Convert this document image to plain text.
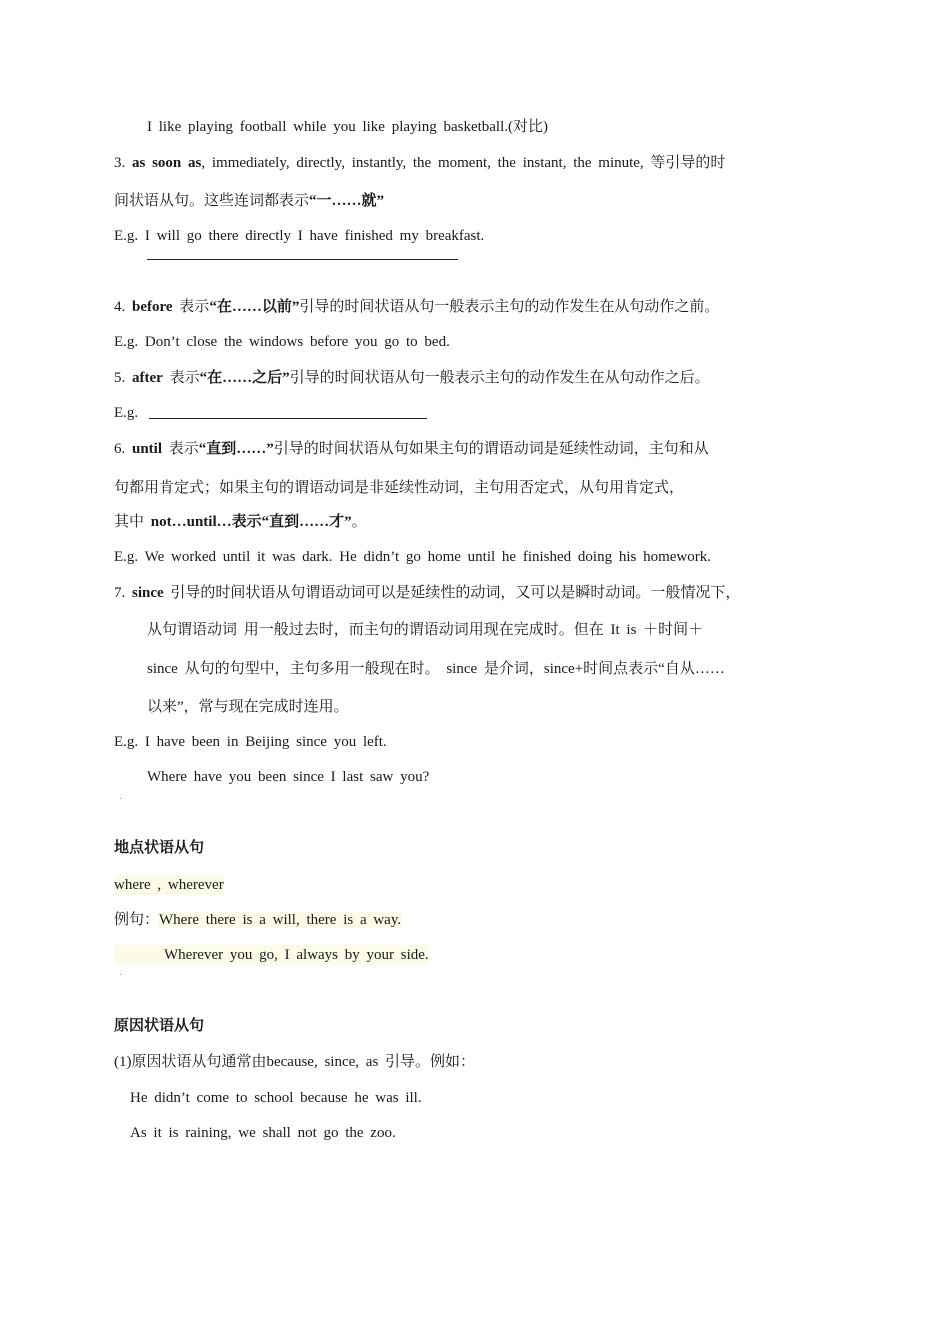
I like playing football while you like playing basketball.(对比)
3. as soon as, immediately, directly, instantly, the moment, the instant, the minute, 等引导的时
间状语从句。这些连词都表示“一……就”
E.g. I will go there directly I have finished my breakfast.
4. before 表示“在……以前”引导的时间状语从句一般表示主句的动作发生在从句动作之前。
E.g. Don’t close the windows before you go to bed.
5. after 表示“在……之后”引导的时间状语从句一般表示主句的动作发生在从句动作之后。
E.g.
6. until 表示“直到……”引导的时间状语从句如果主句的谓语动词是延续性动词，主句和从
句都用肯定式；如果主句的谓语动词是非延续性动词，主句用否定式，从句用肯定式，
其中 not…until…表示“直到……才”。
E.g. We worked until it was dark. He didn’t go home until he finished doing his homework.
7. since 引导的时间状语从句谓语动词可以是延续性的动词，又可以是瞬时动词。一般情况下，
从句谓语动词 用一般过去时，而主句的谓语动词用现在完成时。但在 It is ＋时间＋
since 从句的句型中，主句多用一般现在时。 since 是介词，since+时间点表示“自从……
以来”，常与现在完成时连用。
E.g. I have been in Beijing since you left.
Where have you been since I last saw you?
·
地点状语从句
where , wherever
例句：Where there is a will, there is a way.
Wherever you go, I always by your side.
·
原因状语从句
(1)原因状语从句通常由because, since, as 引导。例如：
He didn’t come to school because he was ill.
As it is raining, we shall not go the zoo.
